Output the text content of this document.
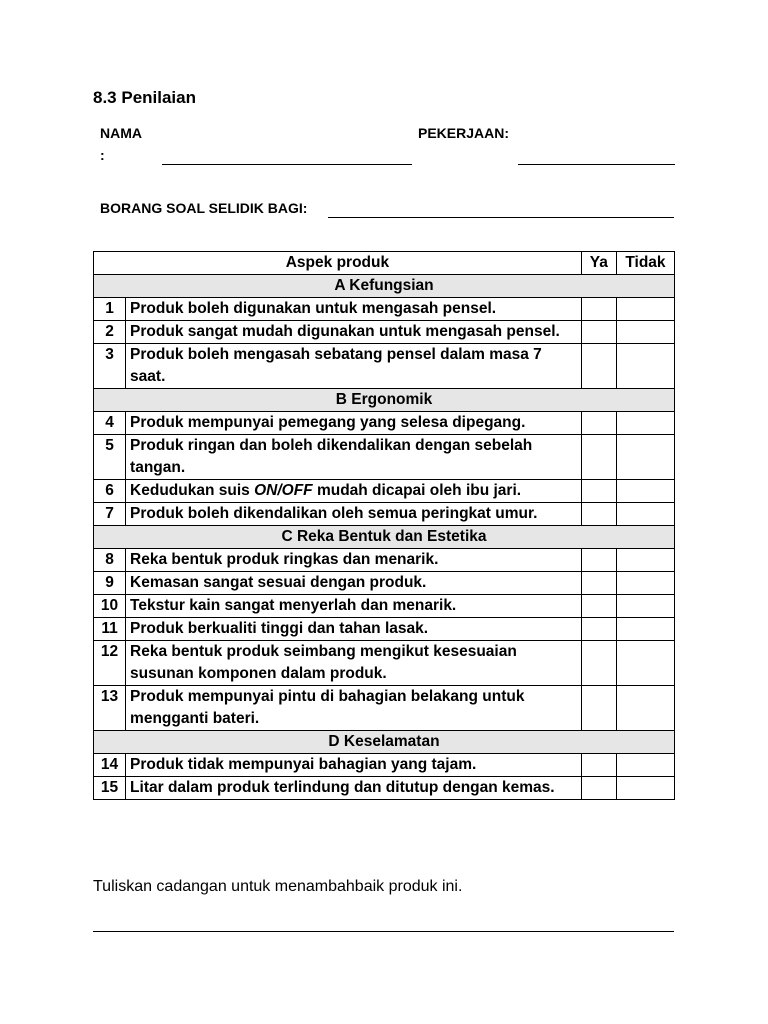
8.3 Penilaian
NAMA
:
PEKERJAAN:
BORANG SOAL SELIDIK BAGI:
Aspek produk		Ya	Tidak
A Kefungsian			
1	Produk boleh digunakan untuk mengasah pensel.		
2	Produk sangat mudah digunakan untuk mengasah pensel.		
3	Produk boleh mengasah sebatang pensel dalam masa 7 saat.		
B Ergonomik			
4	Produk mempunyai pemegang yang selesa dipegang.		
5	Produk ringan dan boleh dikendalikan dengan sebelah tangan.		
6	Kedudukan suis ON/OFF mudah dicapai oleh ibu jari.		
7	Produk boleh dikendalikan oleh semua peringkat umur.		
C Reka Bentuk dan Estetika			
8	Reka bentuk produk ringkas dan menarik.		
9	Kemasan sangat sesuai dengan produk.		
10	Tekstur kain sangat menyerlah dan menarik.		
11	Produk berkualiti tinggi dan tahan lasak.		
12	Reka bentuk produk seimbang mengikut kesesuaian susunan komponen dalam produk.		
13	Produk mempunyai pintu di bahagian belakang untuk mengganti bateri.		
D Keselamatan			
14	Produk tidak mempunyai bahagian yang tajam.		
15	Litar dalam produk terlindung dan ditutup dengan kemas.		
Tuliskan cadangan untuk menambahbaik produk ini.
